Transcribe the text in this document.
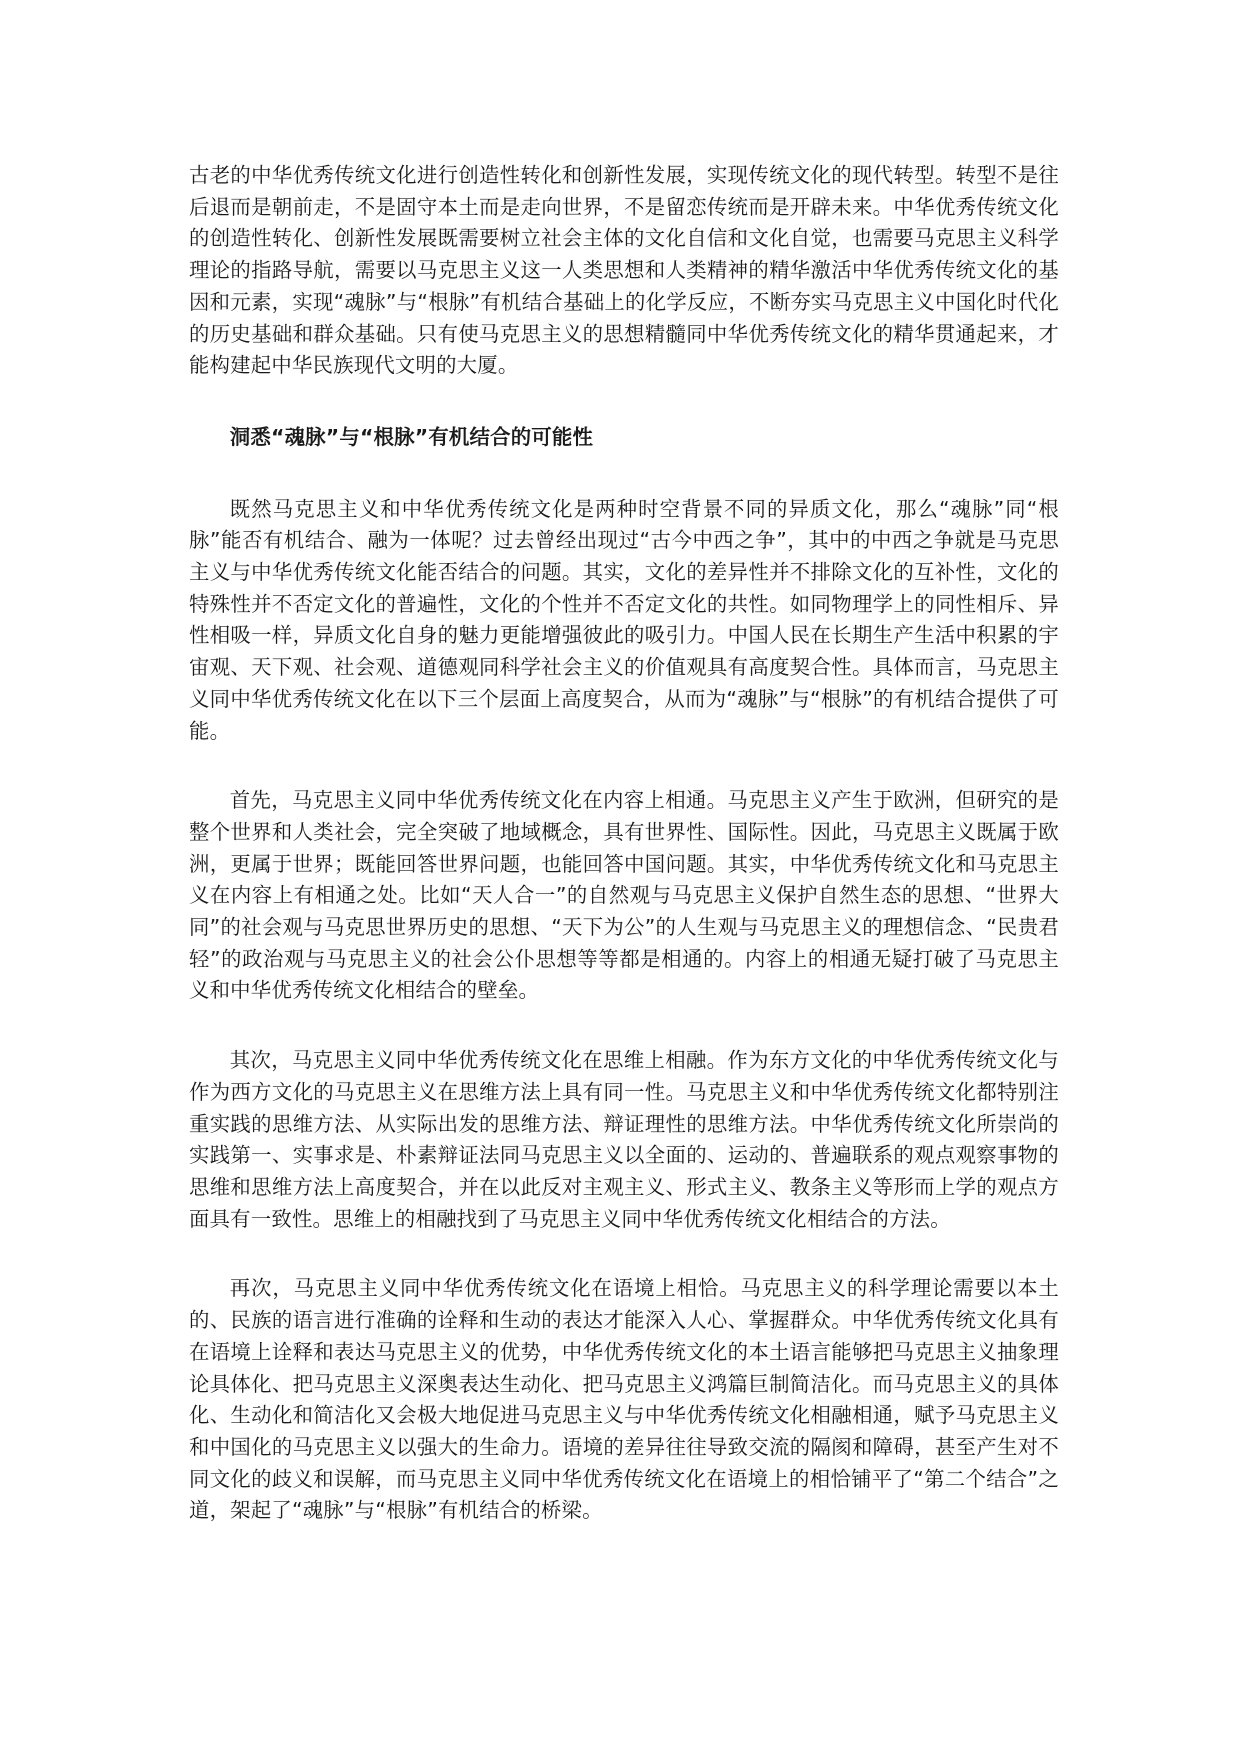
古老的中华优秀传统文化进行创造性转化和创新性发展，实现传统文化的现代转型。转型不是往后退而是朝前走，不是固守本土而是走向世界，不是留恋传统而是开辟未来。中华优秀传统文化的创造性转化、创新性发展既需要树立社会主体的文化自信和文化自觉，也需要马克思主义科学理论的指路导航，需要以马克思主义这一人类思想和人类精神的精华激活中华优秀传统文化的基因和元素，实现“魂脉”与“根脉”有机结合基础上的化学反应，不断夯实马克思主义中国化时代化的历史基础和群众基础。只有使马克思主义的思想精髓同中华优秀传统文化的精华贯通起来，才能构建起中华民族现代文明的大厦。

洞悉“魂脉”与“根脉”有机结合的可能性

既然马克思主义和中华优秀传统文化是两种时空背景不同的异质文化，那么“魂脉”同“根脉”能否有机结合、融为一体呢？过去曾经出现过“古今中西之争”，其中的中西之争就是马克思主义与中华优秀传统文化能否结合的问题。其实，文化的差异性并不排除文化的互补性，文化的特殊性并不否定文化的普遍性，文化的个性并不否定文化的共性。如同物理学上的同性相斥、异性相吸一样，异质文化自身的魅力更能增强彼此的吸引力。中国人民在长期生产生活中积累的宇宙观、天下观、社会观、道德观同科学社会主义的价值观具有高度契合性。具体而言，马克思主义同中华优秀传统文化在以下三个层面上高度契合，从而为“魂脉”与“根脉”的有机结合提供了可能。

首先，马克思主义同中华优秀传统文化在内容上相通。马克思主义产生于欧洲，但研究的是整个世界和人类社会，完全突破了地域概念，具有世界性、国际性。因此，马克思主义既属于欧洲，更属于世界；既能回答世界问题，也能回答中国问题。其实，中华优秀传统文化和马克思主义在内容上有相通之处。比如“天人合一”的自然观与马克思主义保护自然生态的思想、“世界大同”的社会观与马克思世界历史的思想、“天下为公”的人生观与马克思主义的理想信念、“民贵君轻”的政治观与马克思主义的社会公仆思想等等都是相通的。内容上的相通无疑打破了马克思主义和中华优秀传统文化相结合的壁垒。

其次，马克思主义同中华优秀传统文化在思维上相融。作为东方文化的中华优秀传统文化与作为西方文化的马克思主义在思维方法上具有同一性。马克思主义和中华优秀传统文化都特别注重实践的思维方法、从实际出发的思维方法、辩证理性的思维方法。中华优秀传统文化所崇尚的实践第一、实事求是、朴素辩证法同马克思主义以全面的、运动的、普遍联系的观点观察事物的思维和思维方法上高度契合，并在以此反对主观主义、形式主义、教条主义等形而上学的观点方面具有一致性。思维上的相融找到了马克思主义同中华优秀传统文化相结合的方法。

再次，马克思主义同中华优秀传统文化在语境上相恰。马克思主义的科学理论需要以本土的、民族的语言进行准确的诠释和生动的表达才能深入人心、掌握群众。中华优秀传统文化具有在语境上诠释和表达马克思主义的优势，中华优秀传统文化的本土语言能够把马克思主义抽象理论具体化、把马克思主义深奥表达生动化、把马克思主义鸿篇巨制简洁化。而马克思主义的具体化、生动化和简洁化又会极大地促进马克思主义与中华优秀传统文化相融相通，赋予马克思主义和中国化的马克思主义以强大的生命力。语境的差异往往导致交流的隔阂和障碍，甚至产生对不同文化的歧义和误解，而马克思主义同中华优秀传统文化在语境上的相恰铺平了“第二个结合”之道，架起了“魂脉”与“根脉”有机结合的桥梁。
